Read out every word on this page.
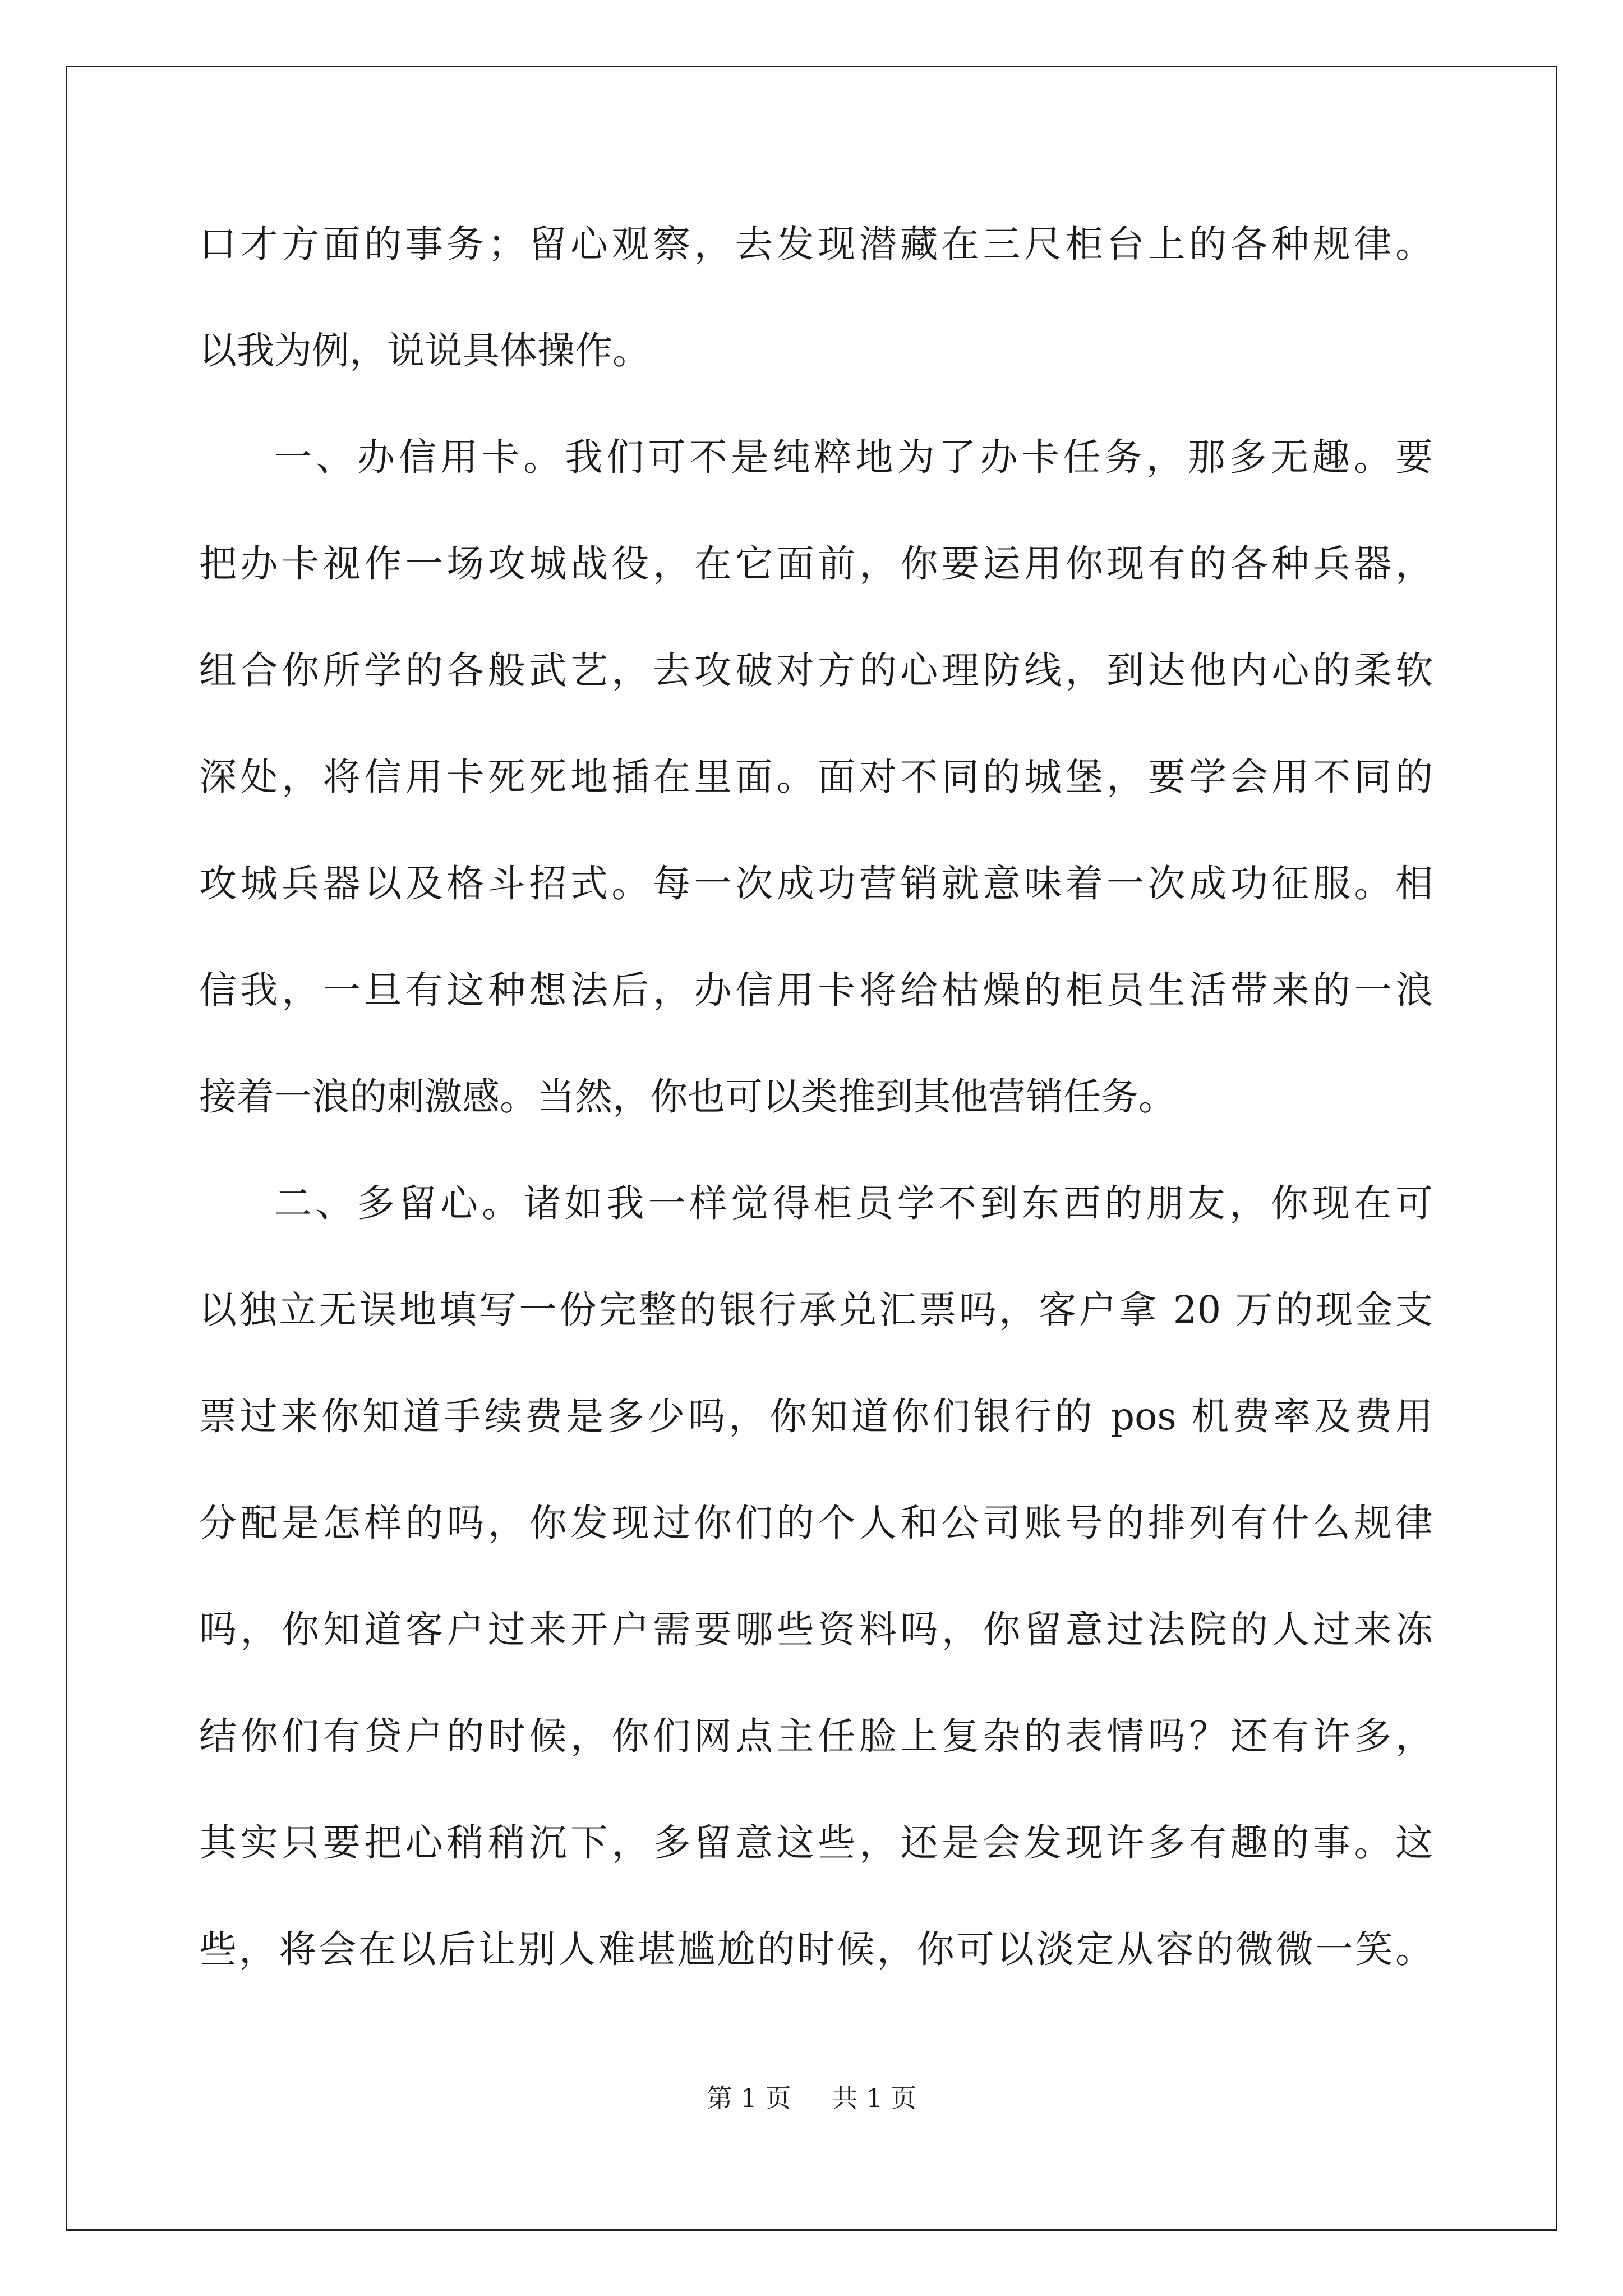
口才方面的事务；留心观察，去发现潜藏在三尺柜台上的各种规律。
以我为例，说说具体操作。
一、办信用卡。我们可不是纯粹地为了办卡任务，那多无趣。要
把办卡视作一场攻城战役，在它面前，你要运用你现有的各种兵器，
组合你所学的各般武艺，去攻破对方的心理防线，到达他内心的柔软
深处，将信用卡死死地插在里面。面对不同的城堡，要学会用不同的
攻城兵器以及格斗招式。每一次成功营销就意味着一次成功征服。相
信我，一旦有这种想法后，办信用卡将给枯燥的柜员生活带来的一浪
接着一浪的刺激感。当然，你也可以类推到其他营销任务。
二、多留心。诸如我一样觉得柜员学不到东西的朋友，你现在可
以独立无误地填写一份完整的银行承兑汇票吗，客户拿 20 万的现金支
票过来你知道手续费是多少吗，你知道你们银行的 pos 机费率及费用
分配是怎样的吗，你发现过你们的个人和公司账号的排列有什么规律
吗，你知道客户过来开户需要哪些资料吗，你留意过法院的人过来冻
结你们有贷户的时候，你们网点主任脸上复杂的表情吗？还有许多，
其实只要把心稍稍沉下，多留意这些，还是会发现许多有趣的事。这
些，将会在以后让别人难堪尴尬的时候，你可以淡定从容的微微一笑。
第 1 页 共 1 页
